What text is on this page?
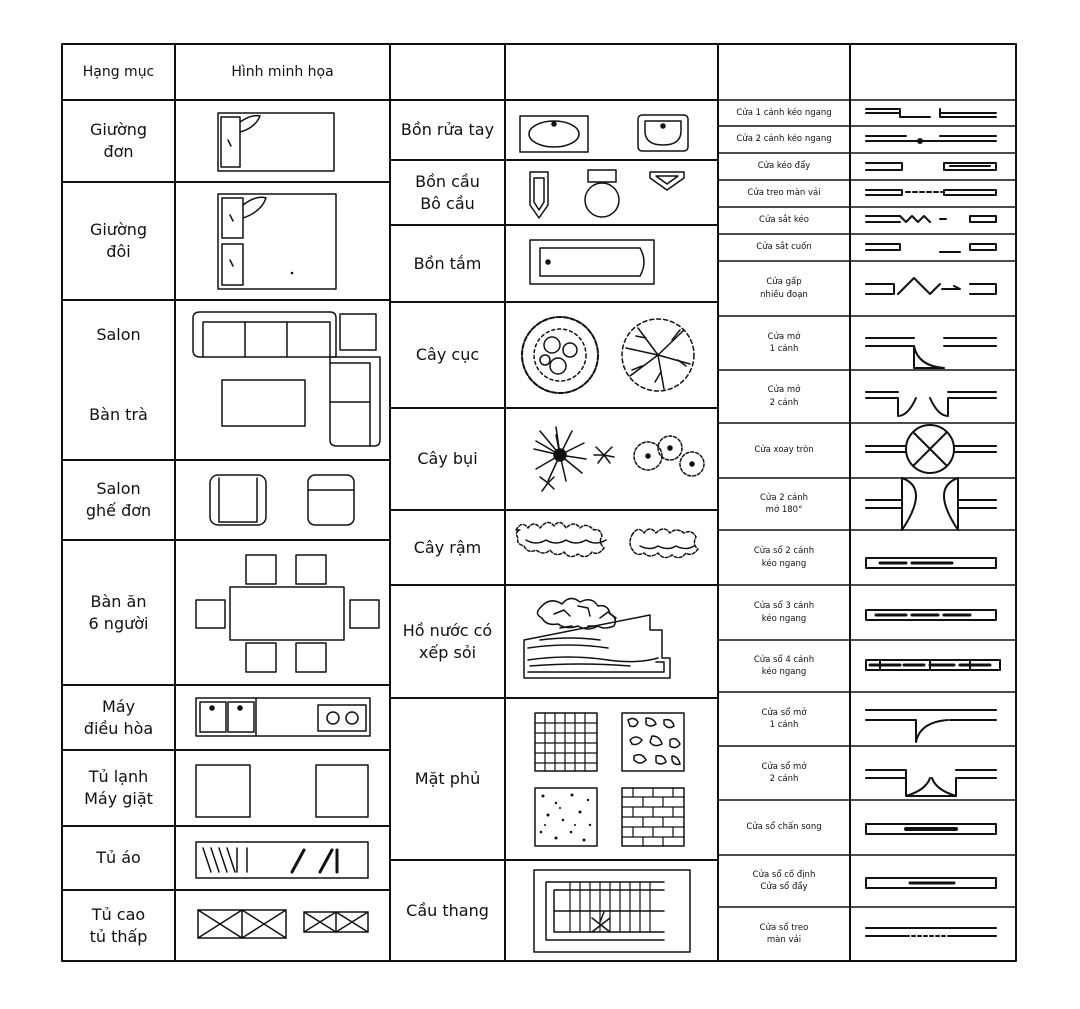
Hạng mục	Hình minh họa
Giường
đơn
Giường
đôi
Salon
Bàn trà
Salon
ghế đơn
Bàn ăn
6 người
Máy
điều hòa
Tủ lạnh
Máy giặt
Tủ áo
Tủ cao
tủ thấp
Bồn rửa tay
Bồn cầu
Bô cầu
Bồn tắm
Cây cục
Cây bụi
Cây rậm
Hồ nước có
xếp sỏi
Mặt phủ
Cầu thang
Cửa 1 cánh kéo ngang
Cửa 2 cánh kéo ngang
Cửa kéo đẩy
Cửa treo màn vải
Cửa sắt kéo
Cửa sắt cuốn
Cửa gấp
nhiều đoạn
Cửa mở
1 cánh
Cửa mở
2 cánh
Cửa xoay tròn
Cửa 2 cánh
mở 180°
Cửa sổ 2 cánh
kéo ngang
Cửa sổ 3 cánh
kéo ngang
Cửa sổ 4 cánh
kéo ngang
Cửa sổ mở
1 cánh
Cửa sổ mở
2 cánh
Cửa sổ chấn song
Cửa sổ cố định
Cửa sổ đẩy
Cửa sổ treo
màn vải
